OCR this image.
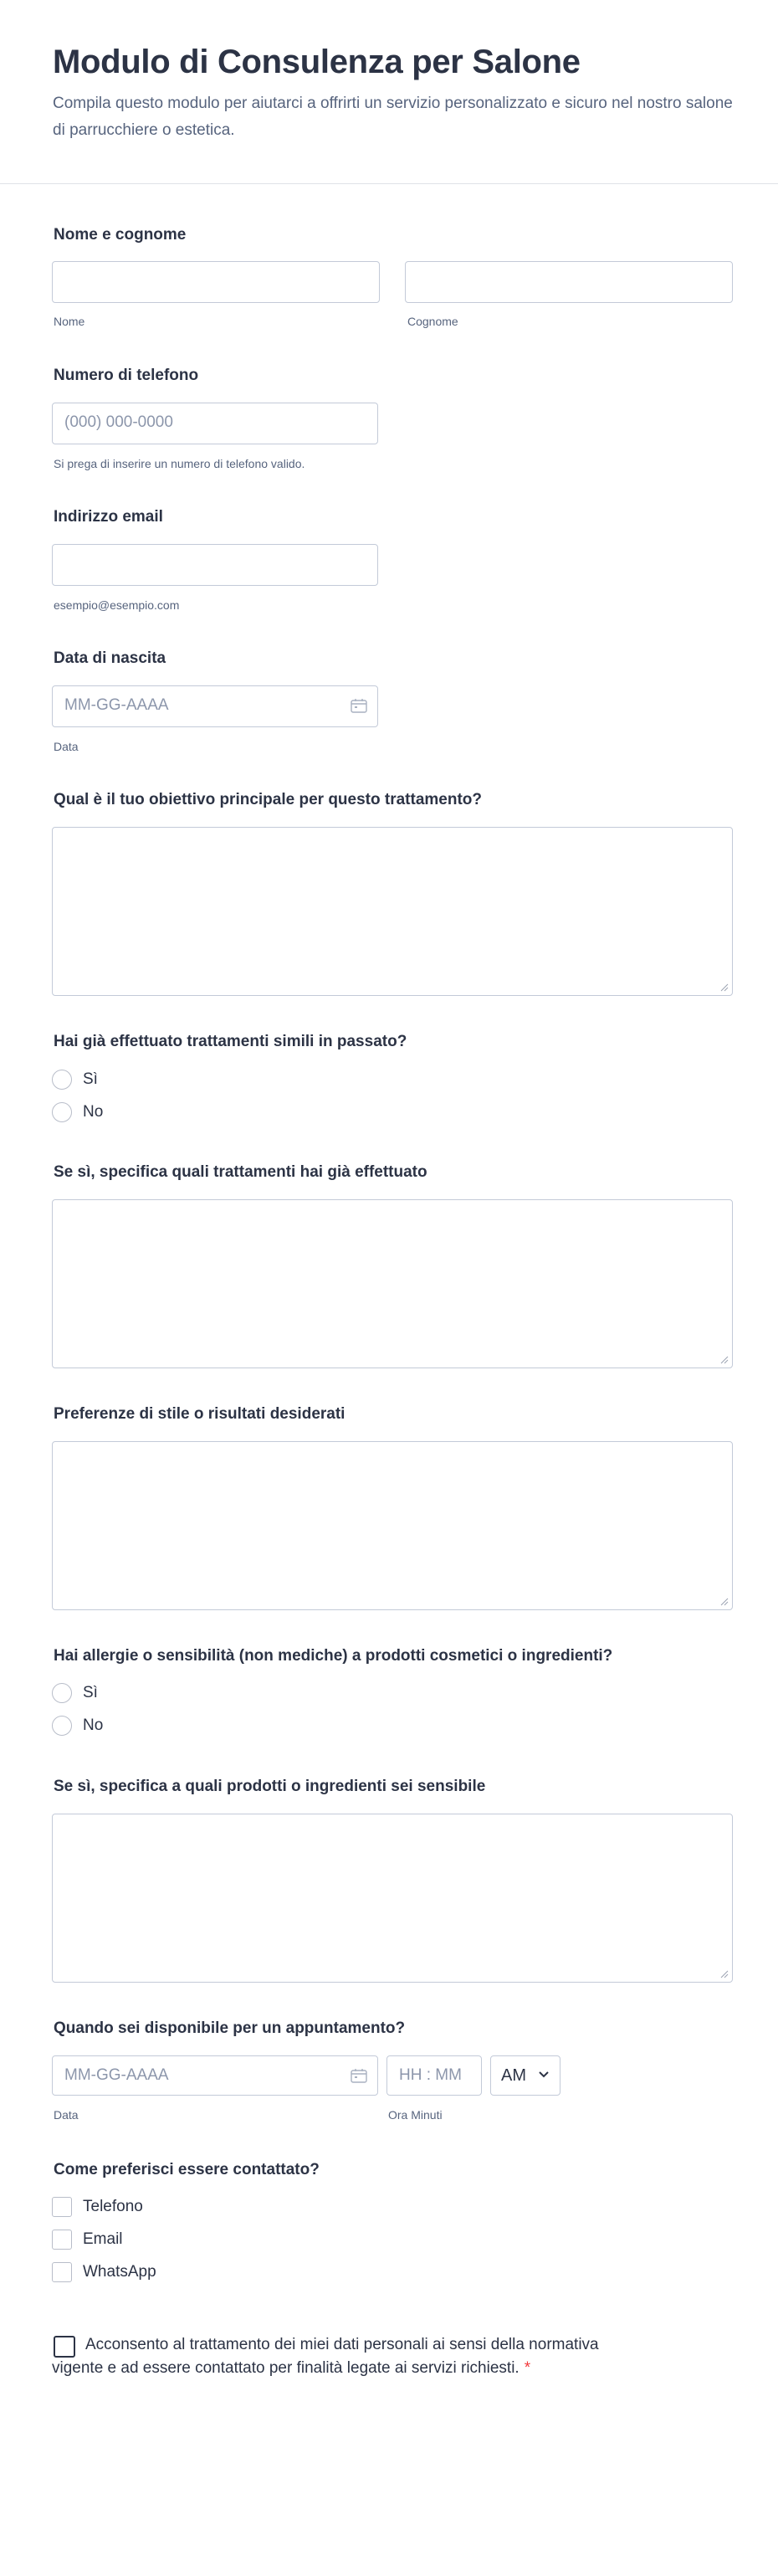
Modulo di Consulenza per Salone
Compila questo modulo per aiutarci a offrirti un servizio personalizzato e sicuro nel nostro salone di parrucchiere o estetica.
Nome e cognome
Nome	Cognome
Numero di telefono
(000) 000-0000
Si prega di inserire un numero di telefono valido.
Indirizzo email
esempio@esempio.com
Data di nascita
MM-GG-AAAA
Data
Qual è il tuo obiettivo principale per questo trattamento?
Hai già effettuato trattamenti simili in passato?
Sì
No
Se sì, specifica quali trattamenti hai già effettuato
Preferenze di stile o risultati desiderati
Hai allergie o sensibilità (non mediche) a prodotti cosmetici o ingredienti?
Sì
No
Se sì, specifica a quali prodotti o ingredienti sei sensibile
Quando sei disponibile per un appuntamento?
MM-GG-AAAA	HH : MM AM
Data	Ora Minuti
Come preferisci essere contattato?
Telefono
Email
WhatsApp
Acconsento al trattamento dei miei dati personali ai sensi della normativa vigente e ad essere contattato per finalità legate ai servizi richiesti. *
